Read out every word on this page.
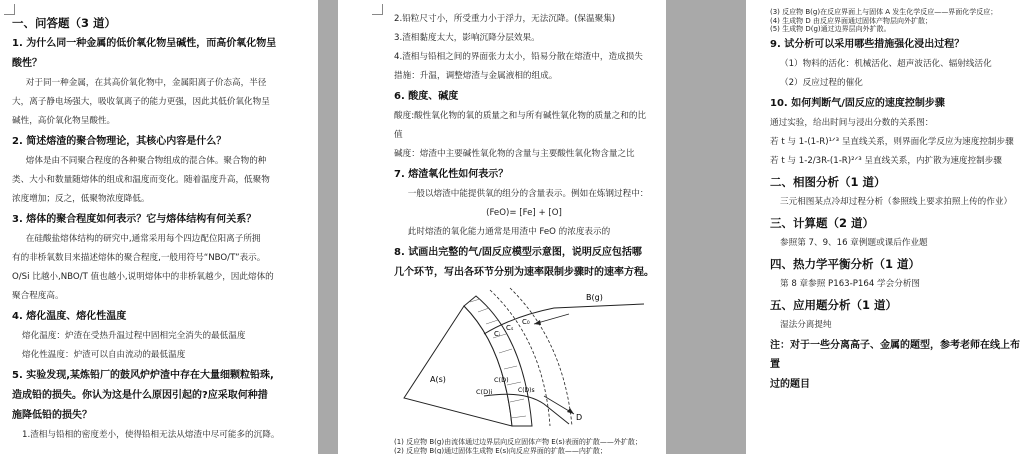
一、问答题（3 道）

1. 为什么同一种金属的低价氧化物呈碱性，而高价氧化物呈

酸性？

对于同一种金属，在其高价氧化物中，金属阳离子价态高，半径

大，离子静电场强大，吸收氧离子的能力更强，因此其低价氧化物呈

碱性，高价氧化物呈酸性。

2. 简述熔渣的聚合物理论，其核心内容是什么？

熔体是由不同聚合程度的各种聚合物组成的混合体。聚合物的种

类、大小和数量随熔体的组成和温度而变化。随着温度升高，低聚物

浓度增加；反之，低聚物浓度降低。

3. 熔体的聚合程度如何表示？它与熔体结构有何关系？

在硅酸盐熔体结构的研究中,通常采用每个四边配位阳离子所拥

有的非桥氧数目来描述熔体的聚合程度,一般用符号“NBO/T”表示。

O/Si 比越小,NBO/T 值也越小,说明熔体中的非桥氧越少，因此熔体的

聚合程度高。

4. 熔化温度、熔化性温度

熔化温度：炉渣在受热升温过程中固相完全消失的最低温度

熔化性温度：炉渣可以自由流动的最低温度

5. 实验发现,某炼铅厂的鼓风炉炉渣中存在大量细颗粒铅珠,

造成铅的损失。你认为这是什么原因引起的?应采取何种措

施降低铅的损失？

1.渣相与铅相的密度差小，使得铅相无法从熔渣中尽可能多的沉降。

2.铅粒尺寸小，所受重力小于浮力，无法沉降。(保温聚集)

3.渣相黏度太大，影响沉降分层效果。

4.渣相与铅相之间的界面张力太小，铅易分散在熔渣中，造成损失

措施：升温，调整熔渣与金属液相的组成。

6. 酸度、碱度

酸度:酸性氧化物的氧的质量之和与所有碱性氧化物的质量之和的比值

碱度：熔渣中主要碱性氧化物的含量与主要酸性氧化物含量之比

7. 熔渣氧化性如何表示？

一般以熔渣中能提供氧的组分的含量表示。例如在炼钢过程中：

(FeO)= [Fe] + [O]

此时熔渣的氧化能力通常是用渣中 FeO 的浓度表示的

8. 试画出完整的气/固反应模型示意图，说明反应包括哪

几个环节，写出各环节分别为速率限制步骤时的速率方程。

A(s)
B(g)
Cᵢ
Cₛ
C₀
C(D)
C(D)i	C(D)s
D

(1) 反应物 B(g)由流体通过边界层向反应固体产物 E(s)表面的扩散——外扩散；

(2) 反应物 B(g)通过固体生成物 E(s)向反应界面的扩散——内扩散；

(3) 反应物 B(g)在反应界面上与固体 A 发生化学反应——界面化学反应；

(4) 生成物 D 由反应界面通过固体产物层向外扩散；

(5) 生成物 D(g)通过边界层向外扩散。

9. 试分析可以采用哪些措施强化浸出过程？

（1）物料的活化：机械活化、超声波活化、辐射线活化

（2）反应过程的催化

10. 如何判断气/固反应的速度控制步骤

通过实验，给出时间与浸出分数的关系图：

若 t 与 1-(1-R)¹ᐟ³ 呈直线关系，则界面化学反应为速度控制步骤

若 t 与 1-2/3R-(1-R)²ᐟ³ 呈直线关系，内扩散为速度控制步骤

二、相图分析（1 道）

三元相图某点冷却过程分析（参照线上要求拍照上传的作业）

三、计算题（2 道）

参照第 7、9、16 章例题或课后作业题

四、热力学平衡分析（1 道）

第 8 章参照 P163-P164 学会分析图

五、应用题分析（1 道）

湿法分离提纯

注：对于一些分离高子、金属的题型，参考老师在线上布置

过的题目
